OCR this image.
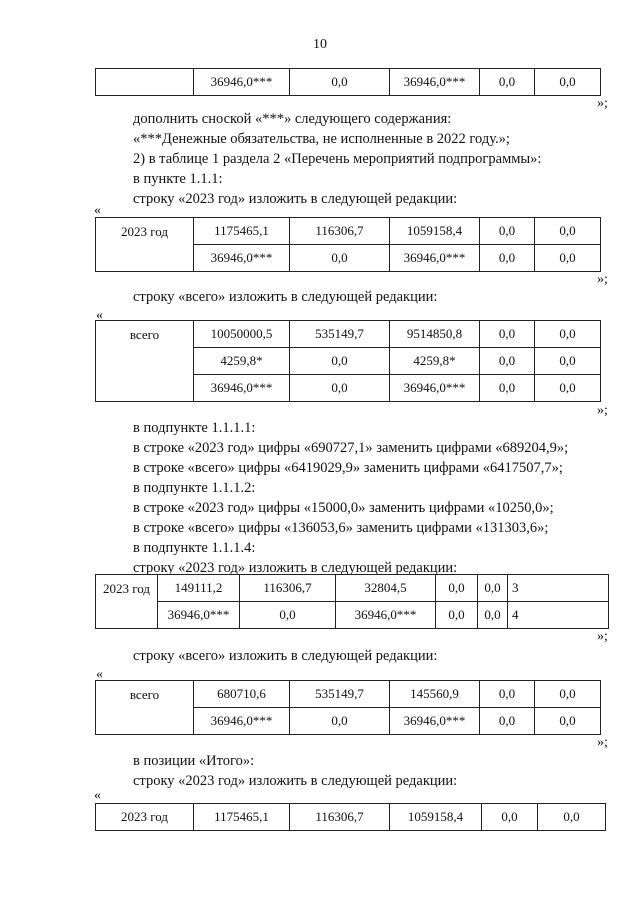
10
	36946,0***	0,0	36946,0***	0,0	0,0
»;
дополнить сноской «***» следующего содержания:
«***Денежные обязательства, не исполненные в 2022 году.»;
2) в таблице 1 раздела 2 «Перечень мероприятий подпрограммы»:
в пункте 1.1.1:
строку «2023 год» изложить в следующей редакции:
«
2023 год	1175465,1	116306,7	1059158,4	0,0	0,0
	36946,0***	0,0	36946,0***	0,0	0,0
»;
строку «всего» изложить в следующей редакции:
«
всего	10050000,5	535149,7	9514850,8	0,0	0,0
	4259,8*	0,0	4259,8*	0,0	0,0
	36946,0***	0,0	36946,0***	0,0	0,0
»;
в подпункте 1.1.1.1:
в строке «2023 год» цифры «690727,1» заменить цифрами «689204,9»;
в строке «всего» цифры «6419029,9» заменить цифрами «6417507,7»;
в подпункте 1.1.1.2:
в строке «2023 год» цифры «15000,0» заменить цифрами «10250,0»;
в строке «всего» цифры «136053,6» заменить цифрами «131303,6»;
в подпункте 1.1.1.4:
строку «2023 год» изложить в следующей редакции:
2023 год	149111,2	116306,7	32804,5	0,0	0,0	3
	36946,0***	0,0	36946,0***	0,0	0,0	4
»;
строку «всего» изложить в следующей редакции:
«
всего	680710,6	535149,7	145560,9	0,0	0,0
	36946,0***	0,0	36946,0***	0,0	0,0
»;
в позиции «Итого»:
строку «2023 год» изложить в следующей редакции:
«
2023 год	1175465,1	116306,7	1059158,4	0,0	0,0
